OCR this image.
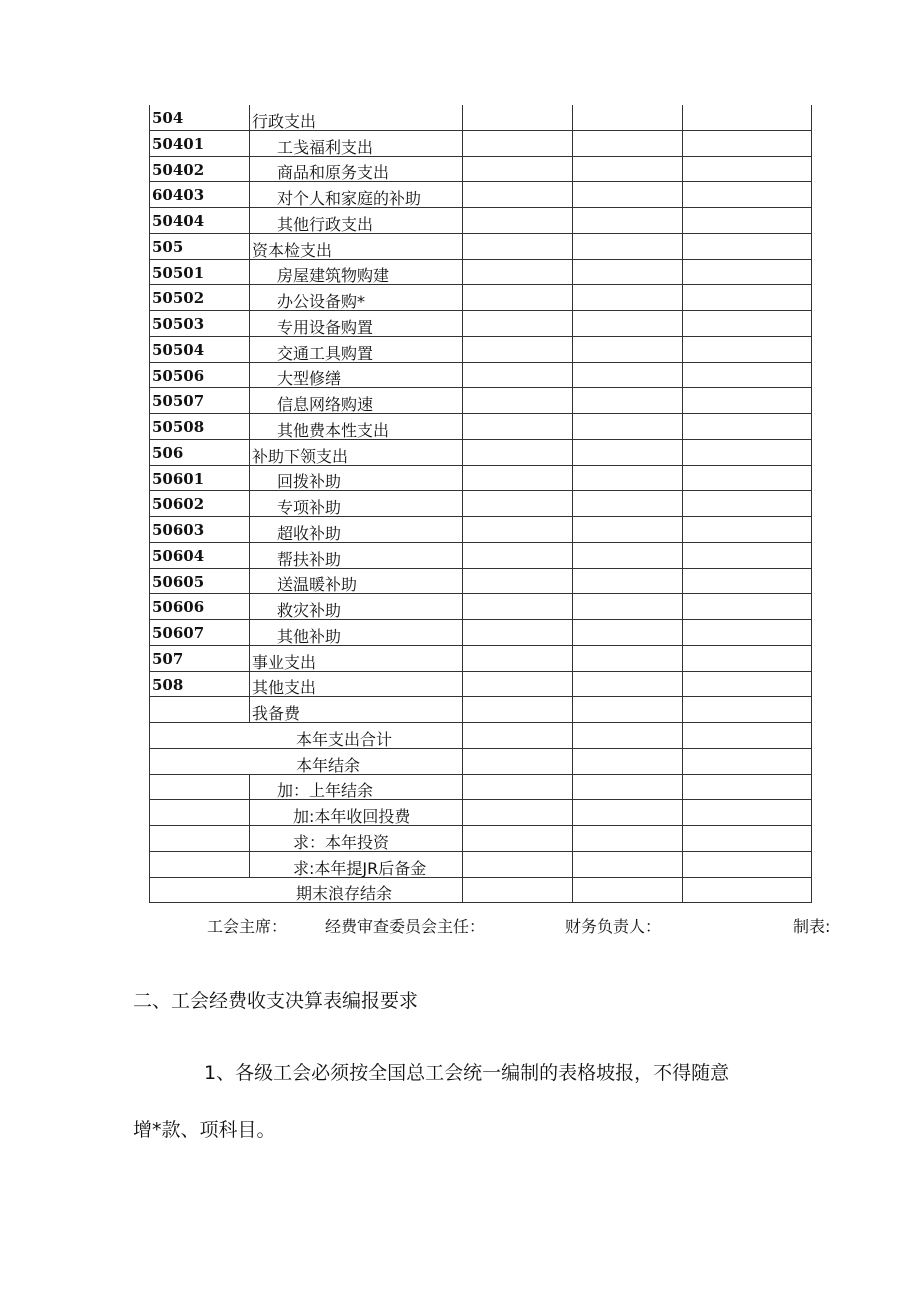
504	行政支出			
50401	工戋福利支出			
50402	商品和原务支出			
60403	对个人和家庭的补助			
50404	其他行政支出			
505	资本检支出			
50501	房屋建筑物购建			
50502	办公设备购*			
50503	专用设备购置			
50504	交通工具购置			
50506	大型修缮			
50507	信息网络购速			
50508	其他费本性支出			
506	补助下领支出			
50601	回拨补助			
50602	专项补助			
50603	超收补助			
50604	帮扶补助			
50605	送温暖补助			
50606	救灾补助			
50607	其他补助			
507	事业支出			
508	其他支出			
	我备费			
本年支出合计				
本年结余				
	加：上年结余			
	加:本年收回投费			
	求：本年投资			
	求:本年提JR后备金			
期末浪存结余				
工会主席： 经费审查委员会主任：	财务负责人：	制表:
二、工会经费收支决算表编报要求
1、各级工会必须按全国总工会统一编制的表格坡报，不得随意
增*款、项科目。
